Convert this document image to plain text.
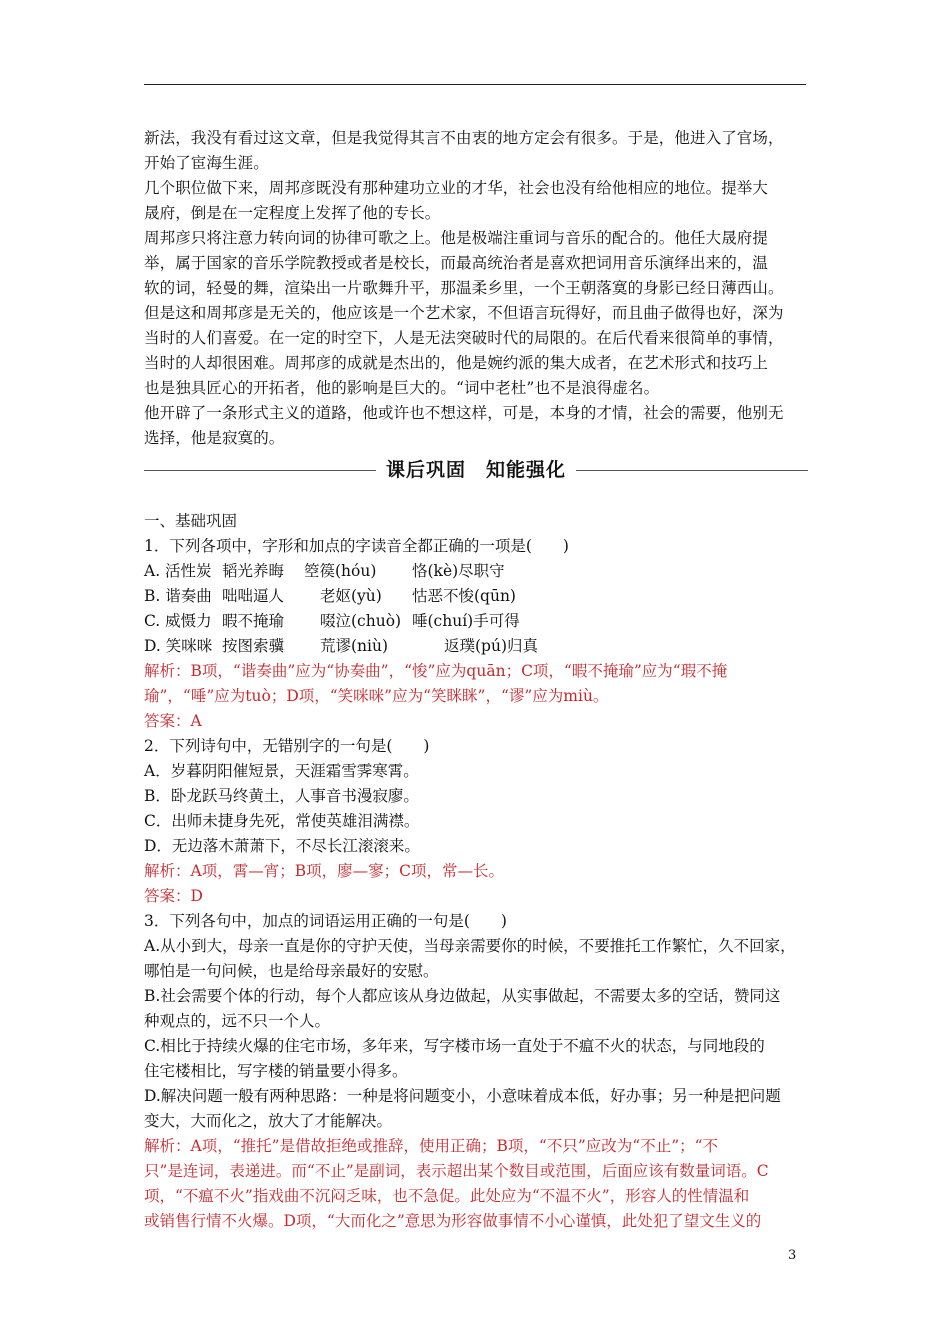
新法，我没有看过这文章，但是我觉得其言不由衷的地方定会有很多。于是，他进入了官场，

开始了宦海生涯。

几个职位做下来，周邦彦既没有那种建功立业的才华，社会也没有给他相应的地位。提举大

晟府，倒是在一定程度上发挥了他的专长。

周邦彦只将注意力转向词的协律可歌之上。他是极端注重词与音乐的配合的。他任大晟府提

举，属于国家的音乐学院教授或者是校长，而最高统治者是喜欢把词用音乐演绎出来的，温

软的词，轻曼的舞，渲染出一片歌舞升平，那温柔乡里，一个王朝落寞的身影已经日薄西山。

但是这和周邦彦是无关的，他应该是一个艺术家，不但语言玩得好，而且曲子做得也好，深为

当时的人们喜爱。在一定的时空下，人是无法突破时代的局限的。在后代看来很简单的事情，

当时的人却很困难。周邦彦的成就是杰出的，他是婉约派的集大成者，在艺术形式和技巧上

也是独具匠心的开拓者，他的影响是巨大的。“词中老杜”也不是浪得虚名。

他开辟了一条形式主义的道路，他或许也不想这样，可是，本身的才情，社会的需要，他别无

选择，他是寂寞的。

课后巩固　知能强化

一、基础巩固

1．下列各项中，字形和加点的字读音全都正确的一项是(　　)

A. 活性炭 韬光养晦	箜篌(hóu)	恪(kè)尽职守
B. 谐奏曲 咄咄逼人	老妪(yù)	怙恶不悛(qūn)
C. 威慑力 暇不掩瑜	啜泣(chuò) 唾(chuí)手可得
D. 笑咪咪 按图索骥	荒谬(niù)	返璞(pú)归真

解析：B项，“谐奏曲”应为“协奏曲”，“悛”应为quān；C项，“暇不掩瑜”应为“瑕不掩

瑜”，“唾”应为tuò；D项，“笑咪咪”应为“笑眯眯”，“谬”应为miù。

答案：A

2．下列诗句中，无错别字的一句是(　　)

A．岁暮阴阳催短景，天涯霜雪霁寒霄。

B．卧龙跃马终黄土，人事音书漫寂廖。

C．出师未捷身先死，常使英雄泪满襟。

D．无边落木萧萧下，不尽长江滚滚来。

解析：A项，霄—宵；B项，廖—寥；C项，常—长。

答案：D

3．下列各句中，加点的词语运用正确的一句是(　　)

A.从小到大，母亲一直是你的守护天使，当母亲需要你的时候，不要推托工作繁忙，久不回家，

哪怕是一句问候，也是给母亲最好的安慰。

B.社会需要个体的行动，每个人都应该从身边做起，从实事做起，不需要太多的空话，赞同这

种观点的，远不只一个人。

C.相比于持续火爆的住宅市场，多年来，写字楼市场一直处于不瘟不火的状态，与同地段的

住宅楼相比，写字楼的销量要小得多。

D.解决问题一般有两种思路：一种是将问题变小，小意味着成本低，好办事；另一种是把问题

变大，大而化之，放大了才能解决。

解析：A项，“推托”是借故拒绝或推辞，使用正确；B项，“不只”应改为“不止”；“不

只”是连词，表递进。而“不止”是副词，表示超出某个数目或范围，后面应该有数量词语。C

项，“不瘟不火”指戏曲不沉闷乏味，也不急促。此处应为“不温不火”，形容人的性情温和

或销售行情不火爆。D项，“大而化之”意思为形容做事情不小心谨慎，此处犯了望文生义的

3
